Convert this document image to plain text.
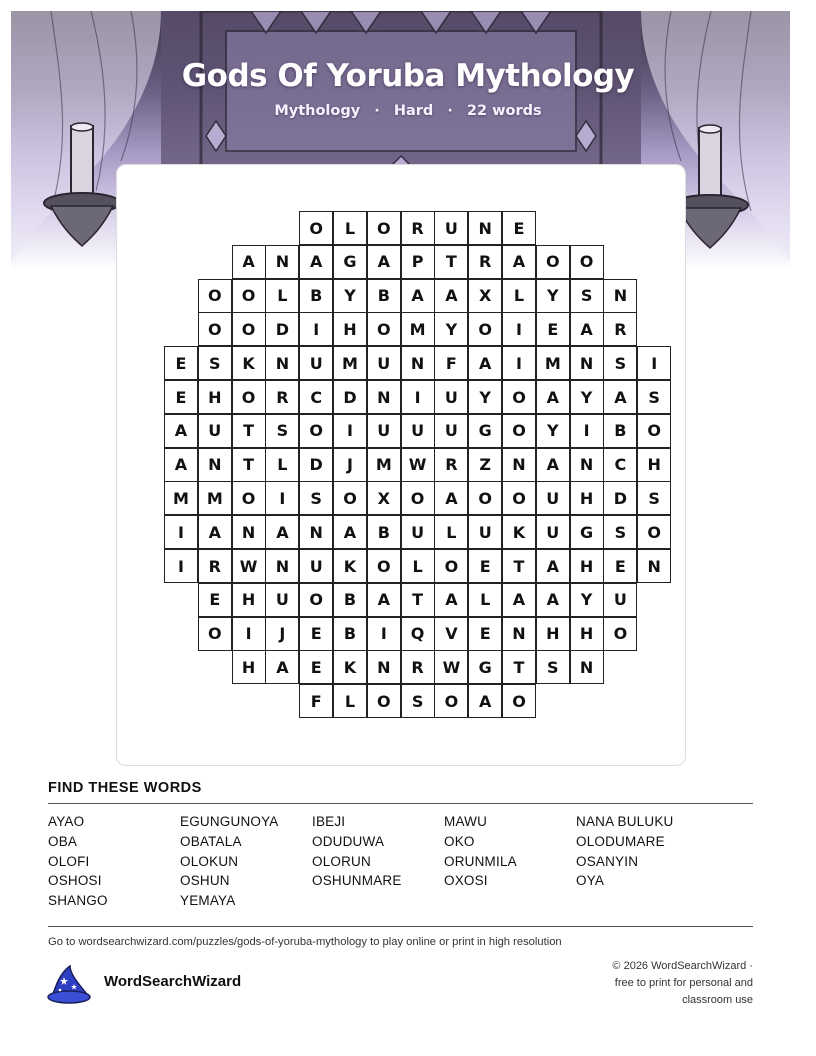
Gods Of Yoruba Mythology
Mythology · Hard · 22 words
O	L	O	R	U	N	E
A	N	A	G	A	P	T	R	A	O	O
O	O	L	B	Y	B	A	A	X	L	Y	S	N
O	O	D	I	H	O	M	Y	O	I	E	A	R
E	S	K	N	U	M	U	N	F	A	I	M	N	S	I
E	H	O	R	C	D	N	I	U	Y	O	A	Y	A	S
A	U	T	S	O	I	U	U	U	G	O	Y	I	B	O
A	N	T	L	D	J	M	W	R	Z	N	A	N	C	H
M	M	O	I	S	O	X	O	A	O	O	U	H	D	S
I	A	N	A	N	A	B	U	L	U	K	U	G	S	O
I	R	W	N	U	K	O	L	O	E	T	A	H	E	N
E	H	U	O	B	A	T	A	L	A	A	Y	U
O	I	J	E	B	I	Q	V	E	N	H	H	O
H	A	E	K	N	R	W	G	T	S	N
F	L	O	S	O	A	O
FIND THESE WORDS
AYAO
OBA
OLOFI
OSHOSI
SHANGO
EGUNGUNOYA
OBATALA
OLOKUN
OSHUN
YEMAYA
IBEJI
ODUDUWA
OLORUN
OSHUNMARE
MAWU
OKO
ORUNMILA
OXOSI
NANA BULUKU
OLODUMARE
OSANYIN
OYA
Go to wordsearchwizard.com/puzzles/gods-of-yoruba-mythology to play online or print in high resolution
WordSearchWizard
© 2026 WordSearchWizard ·
free to print for personal and
classroom use
